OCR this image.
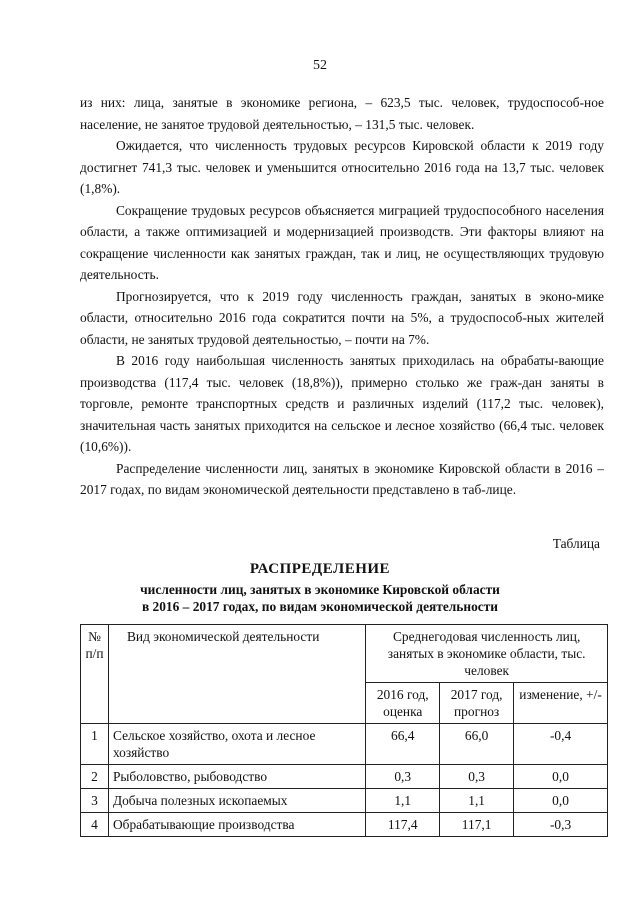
52

из них: лица, занятые в экономике региона, – 623,5 тыс. человек, трудоспособ-ное население, не занятое трудовой деятельностью, – 131,5 тыс. человек.

Ожидается, что численность трудовых ресурсов Кировской области к 2019 году достигнет 741,3 тыс. человек и уменьшится относительно 2016 года на 13,7 тыс. человек (1,8%).

Сокращение трудовых ресурсов объясняется миграцией трудоспособного населения области, а также оптимизацией и модернизацией производств. Эти факторы влияют на сокращение численности как занятых граждан, так и лиц, не осуществляющих трудовую деятельность.

Прогнозируется, что к 2019 году численность граждан, занятых в эконо-мике области, относительно 2016 года сократится почти на 5%, а трудоспособ-ных жителей области, не занятых трудовой деятельностью, – почти на 7%.

В 2016 году наибольшая численность занятых приходилась на обрабаты-вающие производства (117,4 тыс. человек (18,8%)), примерно столько же граж-дан заняты в торговле, ремонте транспортных средств и различных изделий (117,2 тыс. человек), значительная часть занятых приходится на сельское и лесное хозяйство (66,4 тыс. человек (10,6%)).

Распределение численности лиц, занятых в экономике Кировской области в 2016 – 2017 годах, по видам экономической деятельности представлено в таб-лице.

Таблица
РАСПРЕДЕЛЕНИЕ
численности лиц, занятых в экономике Кировской области
в 2016 – 2017 годах, по видам экономической деятельности
№ п/п	Вид экономической деятельности	Среднегодовая численность лиц, занятых в экономике области, тыс. человек		
		2016 год, оценка	2017 год, прогноз	изменение, +/-
1	Сельское хозяйство, охота и лесное хозяйство	66,4	66,0	-0,4
2	Рыболовство, рыбоводство	0,3	0,3	0,0
3	Добыча полезных ископаемых	1,1	1,1	0,0
4	Обрабатывающие производства	117,4	117,1	-0,3
